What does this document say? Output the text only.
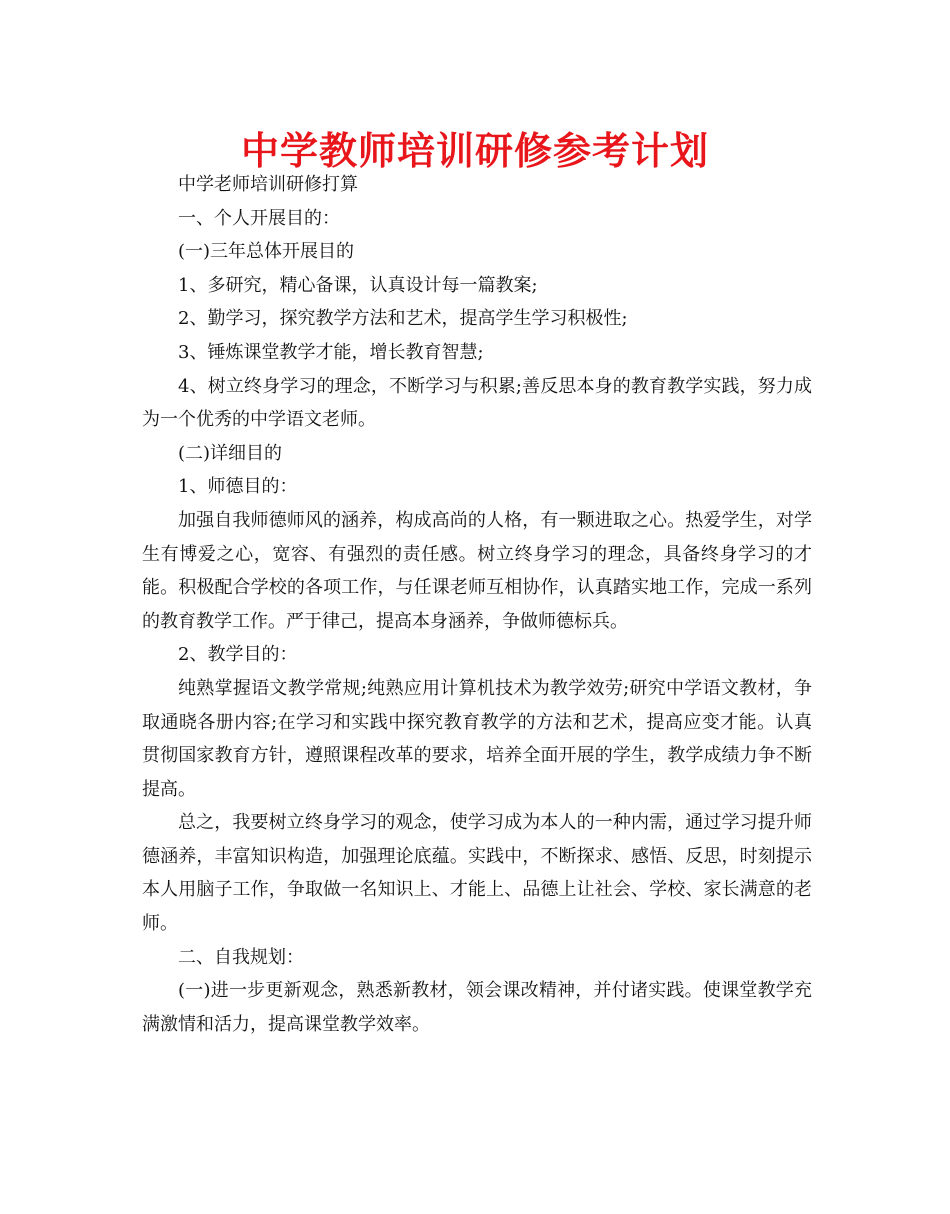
中学教师培训研修参考计划

中学老师培训研修打算

一、个人开展目的：

(一)三年总体开展目的

1、多研究，精心备课，认真设计每一篇教案;

2、勤学习，探究教学方法和艺术，提高学生学习积极性;

3、锤炼课堂教学才能，增长教育智慧;

4、树立终身学习的理念，不断学习与积累;善反思本身的教育教学实践，努力成为一个优秀的中学语文老师。

(二)详细目的

1、师德目的：

加强自我师德师风的涵养，构成高尚的人格，有一颗进取之心。热爱学生，对学生有博爱之心，宽容、有强烈的责任感。树立终身学习的理念，具备终身学习的才能。积极配合学校的各项工作，与任课老师互相协作，认真踏实地工作，完成一系列的教育教学工作。严于律己，提高本身涵养，争做师德标兵。

2、教学目的：

纯熟掌握语文教学常规;纯熟应用计算机技术为教学效劳;研究中学语文教材，争取通晓各册内容;在学习和实践中探究教育教学的方法和艺术，提高应变才能。认真贯彻国家教育方针，遵照课程改革的要求，培养全面开展的学生，教学成绩力争不断提高。

总之，我要树立终身学习的观念，使学习成为本人的一种内需，通过学习提升师德涵养，丰富知识构造，加强理论底蕴。实践中，不断探求、感悟、反思，时刻提示本人用脑子工作，争取做一名知识上、才能上、品德上让社会、学校、家长满意的老师。

二、自我规划：

(一)进一步更新观念，熟悉新教材，领会课改精神，并付诸实践。使课堂教学充满激情和活力，提高课堂教学效率。
